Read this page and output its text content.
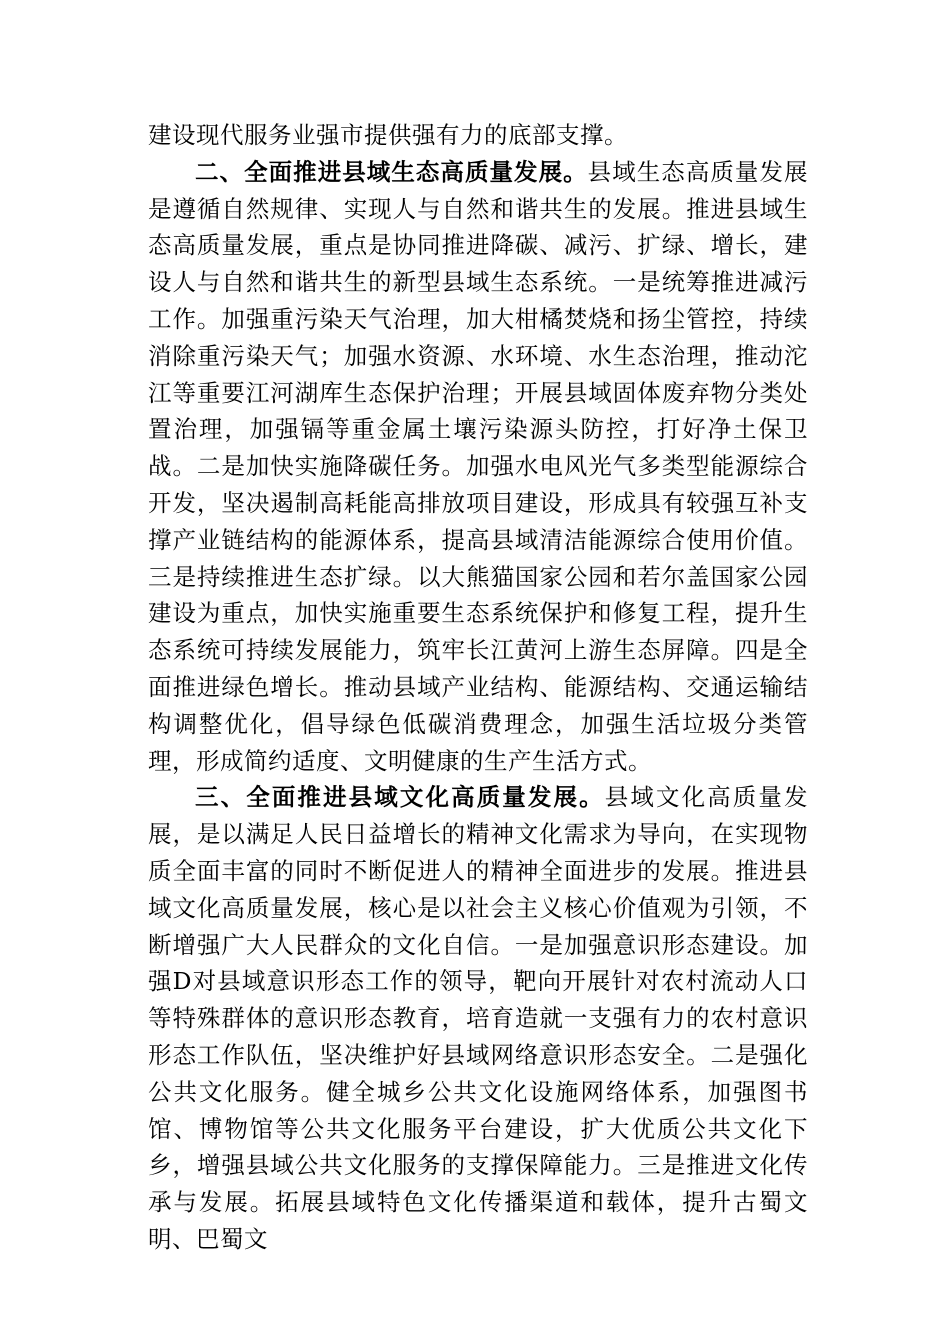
建设现代服务业强市提供强有力的底部支撑。

二、全面推进县域生态高质量发展。县域生态高质量发展是遵循自然规律、实现人与自然和谐共生的发展。推进县域生态高质量发展，重点是协同推进降碳、减污、扩绿、增长，建设人与自然和谐共生的新型县域生态系统。一是统筹推进减污工作。加强重污染天气治理，加大柑橘焚烧和扬尘管控，持续消除重污染天气；加强水资源、水环境、水生态治理，推动沱江等重要江河湖库生态保护治理；开展县域固体废弃物分类处置治理，加强镉等重金属土壤污染源头防控，打好净土保卫战。二是加快实施降碳任务。加强水电风光气多类型能源综合开发，坚决遏制高耗能高排放项目建设，形成具有较强互补支撑产业链结构的能源体系，提高县域清洁能源综合使用价值。三是持续推进生态扩绿。以大熊猫国家公园和若尔盖国家公园建设为重点，加快实施重要生态系统保护和修复工程，提升生态系统可持续发展能力，筑牢长江黄河上游生态屏障。四是全面推进绿色增长。推动县域产业结构、能源结构、交通运输结构调整优化，倡导绿色低碳消费理念，加强生活垃圾分类管理，形成简约适度、文明健康的生产生活方式。

三、全面推进县域文化高质量发展。县域文化高质量发展，是以满足人民日益增长的精神文化需求为导向，在实现物质全面丰富的同时不断促进人的精神全面进步的发展。推进县域文化高质量发展，核心是以社会主义核心价值观为引领，不断增强广大人民群众的文化自信。一是加强意识形态建设。加强D对县域意识形态工作的领导，靶向开展针对农村流动人口等特殊群体的意识形态教育，培育造就一支强有力的农村意识形态工作队伍，坚决维护好县域网络意识形态安全。二是强化公共文化服务。健全城乡公共文化设施网络体系，加强图书馆、博物馆等公共文化服务平台建设，扩大优质公共文化下乡，增强县域公共文化服务的支撑保障能力。三是推进文化传承与发展。拓展县域特色文化传播渠道和载体，提升古蜀文明、巴蜀文
